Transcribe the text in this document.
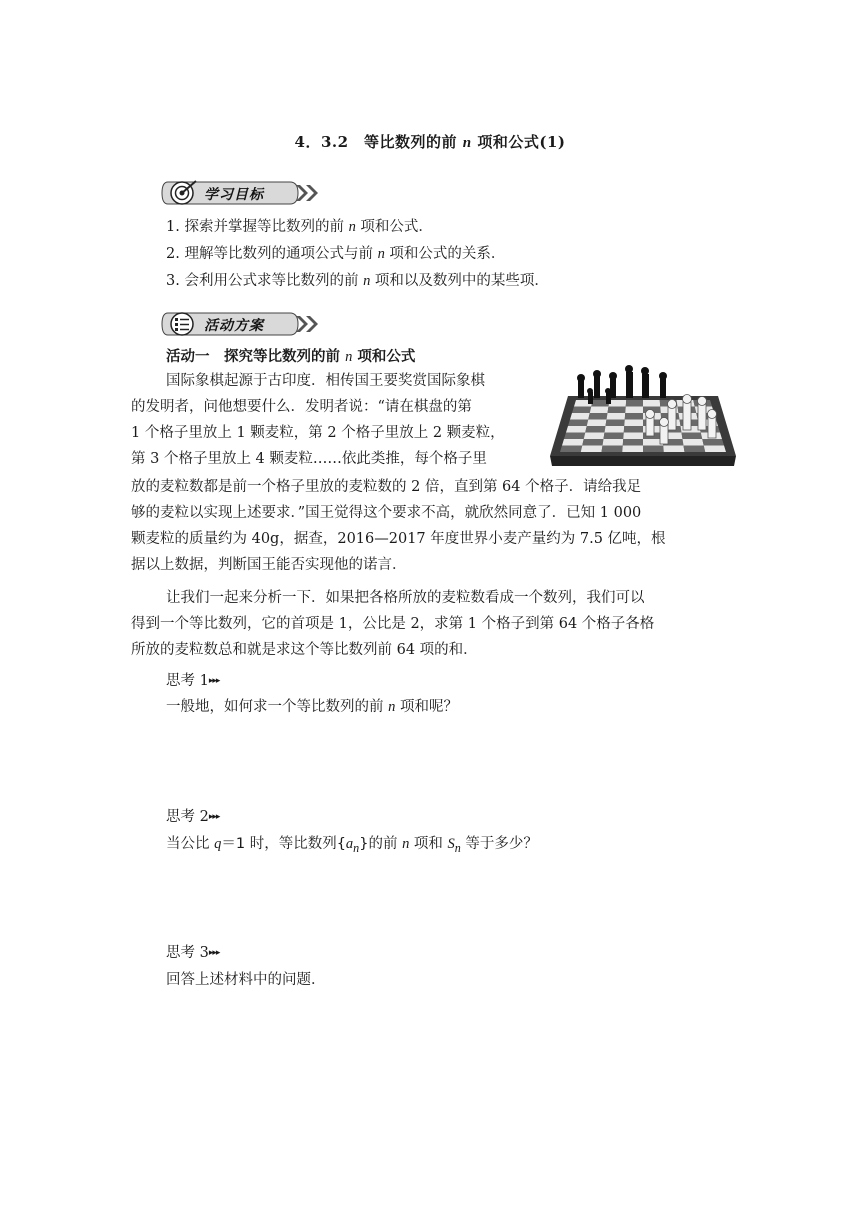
4．3.2　等比数列的前 n 项和公式(1)
学习目标
1. 探索并掌握等比数列的前 n 项和公式．
2. 理解等比数列的通项公式与前 n 项和公式的关系．
3. 会利用公式求等比数列的前 n 项和以及数列中的某些项．
活动方案
活动一　探究等比数列的前 n 项和公式
国际象棋起源于古印度．相传国王要奖赏国际象棋
的发明者，问他想要什么．发明者说：“请在棋盘的第
1 个格子里放上 1 颗麦粒，第 2 个格子里放上 2 颗麦粒，
第 3 个格子里放上 4 颗麦粒……依此类推，每个格子里
放的麦粒数都是前一个格子里放的麦粒数的 2 倍，直到第 64 个格子．请给我足
够的麦粒以实现上述要求．”国王觉得这个要求不高，就欣然同意了．已知 1 000
颗麦粒的质量约为 40g，据查，2016—2017 年度世界小麦产量约为 7.5 亿吨，根
据以上数据，判断国王能否实现他的诺言．
让我们一起来分析一下．如果把各格所放的麦粒数看成一个数列，我们可以
得到一个等比数列，它的首项是 1，公比是 2，求第 1 个格子到第 64 个格子各格
所放的麦粒数总和就是求这个等比数列前 64 项的和．
思考 1▸▸▸
一般地，如何求一个等比数列的前 n 项和呢？
思考 2▸▸▸
当公比 q＝1 时，等比数列$\{a_n\}$的前 n 项和 $S_n$ 等于多少？
思考 3▸▸▸
回答上述材料中的问题．
